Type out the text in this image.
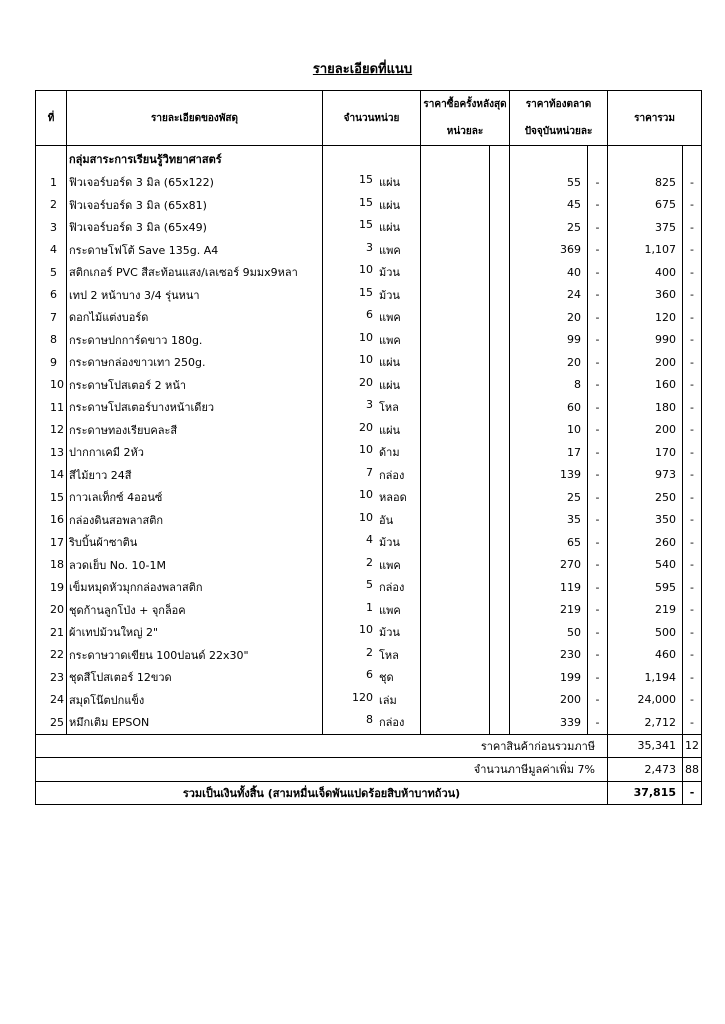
รายละเอียดที่แนบ
ที่	รายละเอียดของพัสดุ	จำนวนหน่วย	ราคาซื้อครั้งหลังสุด
หน่วยละ		ราคาท้องตลาด
ปัจจุบันหน่วยละ		ราคารวม	
	กลุ่มสาระการเรียนรู้วิทยาศาสตร์							
1	ฟิวเจอร์บอร์ด 3 มิล (65x122)	15 แผ่น			55	-	825	-
2	ฟิวเจอร์บอร์ด 3 มิล (65x81)	15 แผ่น			45	-	675	-
3	ฟิวเจอร์บอร์ด 3 มิล (65x49)	15 แผ่น			25	-	375	-
4	กระดาษโฟโต้ Save 135g. A4	3 แพค			369	-	1,107	-
5	สติกเกอร์ PVC สีสะท้อนแสง/เลเซอร์ 9มมx9หลา	10 ม้วน			40	-	400	-
6	เทป 2 หน้าบาง 3/4 รุ่นหนา	15 ม้วน			24	-	360	-
7	ดอกไม้แต่งบอร์ด	6 แพค			20	-	120	-
8	กระดาษปกการ์ดขาว 180g.	10 แพค			99	-	990	-
9	กระดาษกล่องขาวเทา 250g.	10 แผ่น			20	-	200	-
10	กระดาษโปสเตอร์ 2 หน้า	20 แผ่น			8	-	160	-
11	กระดาษโปสเตอร์บางหน้าเดียว	3 โหล			60	-	180	-
12	กระดาษทองเรียบคละสี	20 แผ่น			10	-	200	-
13	ปากกาเคมี 2หัว	10 ด้าม			17	-	170	-
14	สีไม้ยาว 24สี	7 กล่อง			139	-	973	-
15	กาวเลเท็กซ์ 4ออนซ์	10 หลอด			25	-	250	-
16	กล่องดินสอพลาสติก	10 อัน			35	-	350	-
17	ริบบิ้นผ้าซาติน	4 ม้วน			65	-	260	-
18	ลวดเย็บ No. 10-1M	2 แพค			270	-	540	-
19	เข็มหมุดหัวมุกกล่องพลาสติก	5 กล่อง			119	-	595	-
20	ชุดก้านลูกโป่ง + จุกล็อค	1 แพค			219	-	219	-
21	ผ้าเทปม้วนใหญ่ 2"	10 ม้วน			50	-	500	-
22	กระดาษวาดเขียน 100ปอนด์ 22x30"	2 โหล			230	-	460	-
23	ชุดสีโปสเตอร์ 12ขวด	6 ชุด			199	-	1,194	-
24	สมุดโน๊ตปกแข็ง	120 เล่ม			200	-	24,000	-
25	หมึกเติม EPSON	8 กล่อง			339	-	2,712	-
ราคาสินค้าก่อนรวมภาษี							35,341	12
จำนวนภาษีมูลค่าเพิ่ม 7%							2,473	88
รวมเป็นเงินทั้งสิ้น (สามหมื่นเจ็ดพันแปดร้อยสิบห้าบาทถ้วน)							37,815	-
